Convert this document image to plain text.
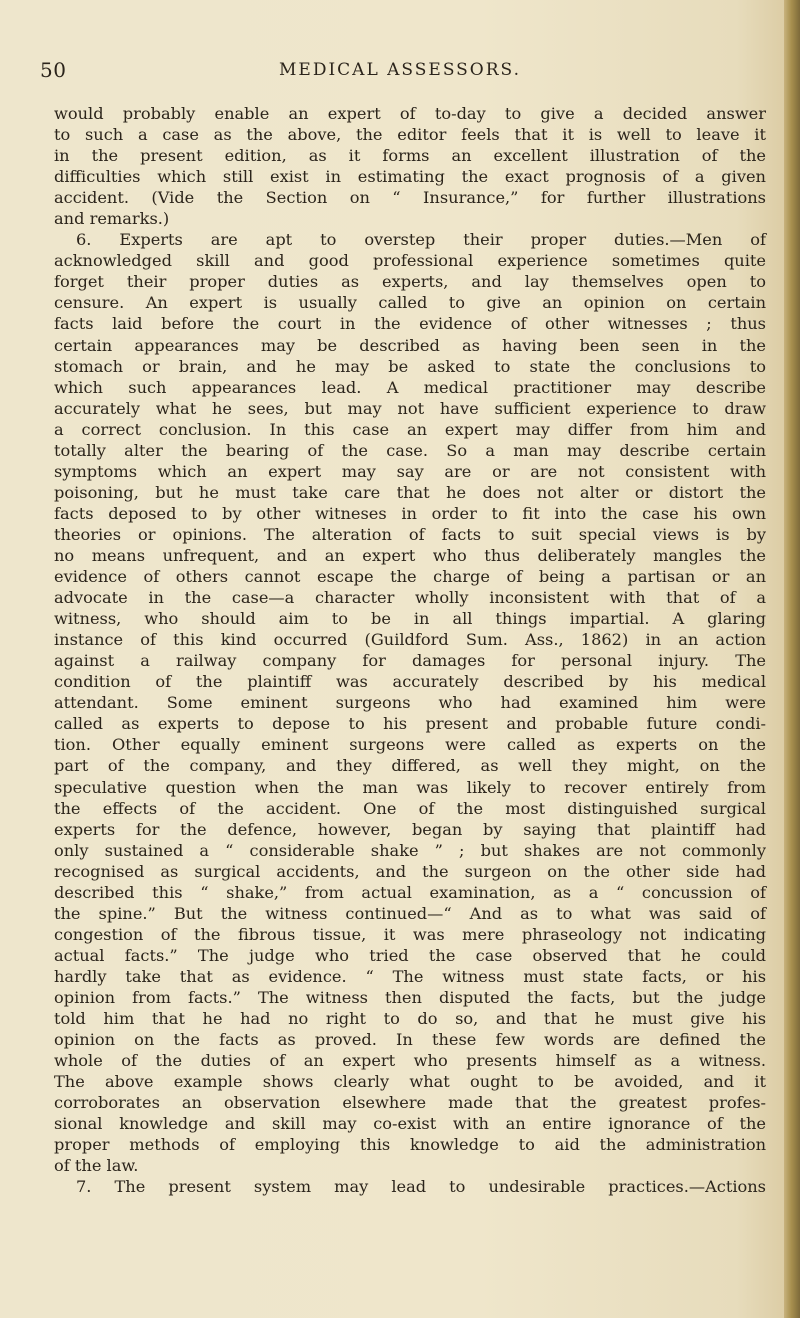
50	MEDICAL ASSESSORS.
would probably enable an expert of to-day to give a decided answer
to such a case as the above, the editor feels that it is well to leave it
in the present edition, as it forms an excellent illustration of the
difficulties which still exist in estimating the exact prognosis of a given
accident. (Vide the Section on “ Insurance,” for further illustrations
and remarks.)
6. Experts are apt to overstep their proper duties.—Men of
acknowledged skill and good professional experience sometimes quite
forget their proper duties as experts, and lay themselves open to
censure. An expert is usually called to give an opinion on certain
facts laid before the court in the evidence of other witnesses ; thus
certain appearances may be described as having been seen in the
stomach or brain, and he may be asked to state the conclusions to
which such appearances lead. A medical practitioner may describe
accurately what he sees, but may not have sufficient experience to draw
a correct conclusion. In this case an expert may differ from him and
totally alter the bearing of the case. So a man may describe certain
symptoms which an expert may say are or are not consistent with
poisoning, but he must take care that he does not alter or distort the
facts deposed to by other witneses in order to fit into the case his own
theories or opinions. The alteration of facts to suit special views is by
no means unfrequent, and an expert who thus deliberately mangles the
evidence of others cannot escape the charge of being a partisan or an
advocate in the case—a character wholly inconsistent with that of a
witness, who should aim to be in all things impartial. A glaring
instance of this kind occurred (Guildford Sum. Ass., 1862) in an action
against a railway company for damages for personal injury. The
condition of the plaintiff was accurately described by his medical
attendant. Some eminent surgeons who had examined him were
called as experts to depose to his present and probable future condi-
tion. Other equally eminent surgeons were called as experts on the
part of the company, and they differed, as well they might, on the
speculative question when the man was likely to recover entirely from
the effects of the accident. One of the most distinguished surgical
experts for the defence, however, began by saying that plaintiff had
only sustained a “ considerable shake ” ; but shakes are not commonly
recognised as surgical accidents, and the surgeon on the other side had
described this “ shake,” from actual examination, as a “ concussion of
the spine.” But the witness continued—“ And as to what was said of
congestion of the fibrous tissue, it was mere phraseology not indicating
actual facts.” The judge who tried the case observed that he could
hardly take that as evidence. “ The witness must state facts, or his
opinion from facts.” The witness then disputed the facts, but the judge
told him that he had no right to do so, and that he must give his
opinion on the facts as proved. In these few words are defined the
whole of the duties of an expert who presents himself as a witness.
The above example shows clearly what ought to be avoided, and it
corroborates an observation elsewhere made that the greatest profes-
sional knowledge and skill may co-exist with an entire ignorance of the
proper methods of employing this knowledge to aid the administration
of the law.
7. The present system may lead to undesirable practices.—Actions
